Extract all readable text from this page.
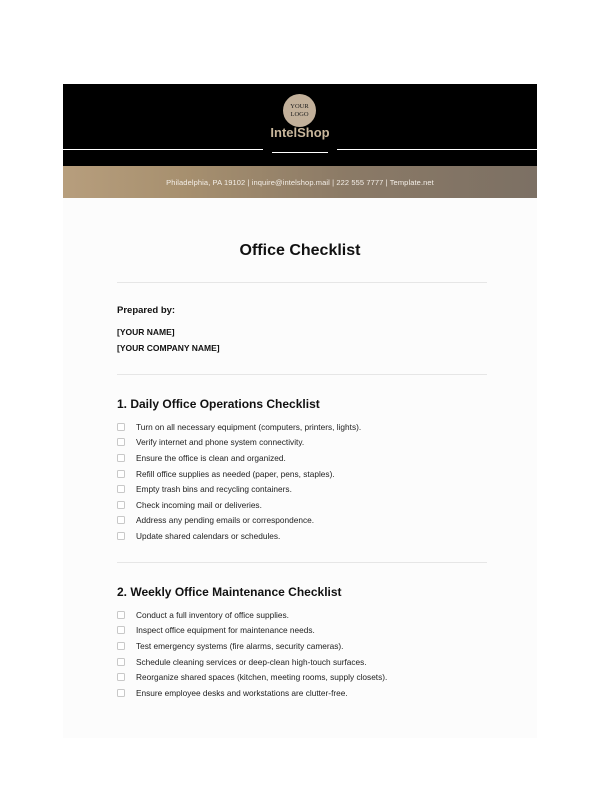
YOUR
LOGO
IntelShop
Philadelphia, PA 19102 | inquire@intelshop.mail | 222 555 7777 | Template.net
Office Checklist
Prepared by:
[YOUR NAME]
[YOUR COMPANY NAME]
1. Daily Office Operations Checklist
Turn on all necessary equipment (computers, printers, lights).
Verify internet and phone system connectivity.
Ensure the office is clean and organized.
Refill office supplies as needed (paper, pens, staples).
Empty trash bins and recycling containers.
Check incoming mail or deliveries.
Address any pending emails or correspondence.
Update shared calendars or schedules.
2. Weekly Office Maintenance Checklist
Conduct a full inventory of office supplies.
Inspect office equipment for maintenance needs.
Test emergency systems (fire alarms, security cameras).
Schedule cleaning services or deep-clean high-touch surfaces.
Reorganize shared spaces (kitchen, meeting rooms, supply closets).
Ensure employee desks and workstations are clutter-free.
